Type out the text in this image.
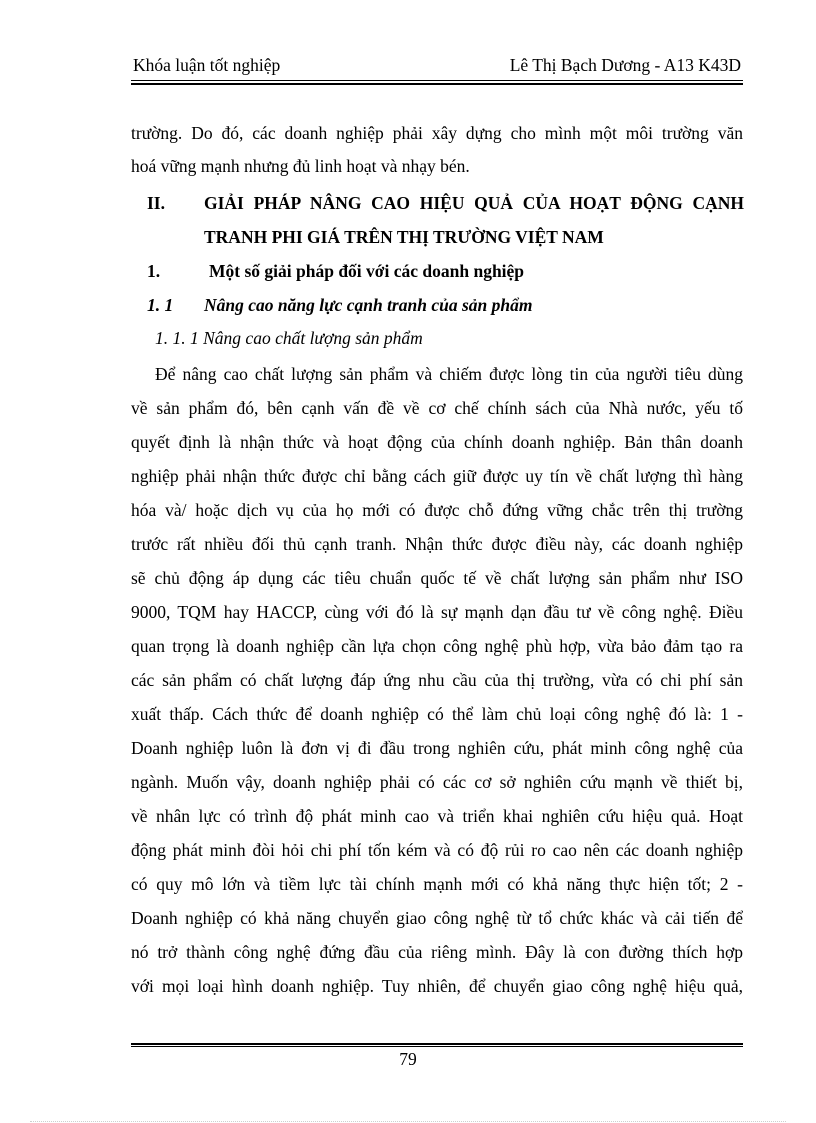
Khóa luận tốt nghiệp	Lê Thị Bạch Dương - A13 K43D
trường. Do đó, các doanh nghiệp phải xây dựng cho mình một môi trường văn
hoá vững mạnh nhưng đủ linh hoạt và nhạy bén.
II. GIẢI PHÁP NÂNG CAO HIỆU QUẢ CỦA HOẠT ĐỘNG CẠNH
TRANH PHI GIÁ TRÊN THỊ TRƯỜNG VIỆT NAM
1.	Một số giải pháp đối với các doanh nghiệp
1. 1 Nâng cao năng lực cạnh tranh của sản phẩm
1. 1. 1 Nâng cao chất lượng sản phẩm
Để nâng cao chất lượng sản phẩm và chiếm được lòng tin của người tiêu dùng
về sản phẩm đó, bên cạnh vấn đề về cơ chế chính sách của Nhà nước, yếu tố
quyết định là nhận thức và hoạt động của chính doanh nghiệp. Bản thân doanh
nghiệp phải nhận thức được chỉ bằng cách giữ được uy tín về chất lượng thì hàng
hóa và/ hoặc dịch vụ của họ mới có được chỗ đứng vững chắc trên thị trường
trước rất nhiều đối thủ cạnh tranh. Nhận thức được điều này, các doanh nghiệp
sẽ chủ động áp dụng các tiêu chuẩn quốc tế về chất lượng sản phẩm như ISO
9000, TQM hay HACCP, cùng với đó là sự mạnh dạn đầu tư về công nghệ. Điều
quan trọng là doanh nghiệp cần lựa chọn công nghệ phù hợp, vừa bảo đảm tạo ra
các sản phẩm có chất lượng đáp ứng nhu cầu của thị trường, vừa có chi phí sản
xuất thấp. Cách thức để doanh nghiệp có thể làm chủ loại công nghệ đó là: 1 -
Doanh nghiệp luôn là đơn vị đi đầu trong nghiên cứu, phát minh công nghệ của
ngành. Muốn vậy, doanh nghiệp phải có các cơ sở nghiên cứu mạnh về thiết bị,
về nhân lực có trình độ phát minh cao và triển khai nghiên cứu hiệu quả. Hoạt
động phát minh đòi hỏi chi phí tốn kém và có độ rủi ro cao nên các doanh nghiệp
có quy mô lớn và tiềm lực tài chính mạnh mới có khả năng thực hiện tốt; 2 -
Doanh nghiệp có khả năng chuyển giao công nghệ từ tổ chức khác và cải tiến để
nó trở thành công nghệ đứng đầu của riêng mình. Đây là con đường thích hợp
với mọi loại hình doanh nghiệp. Tuy nhiên, để chuyển giao công nghệ hiệu quả,
79
